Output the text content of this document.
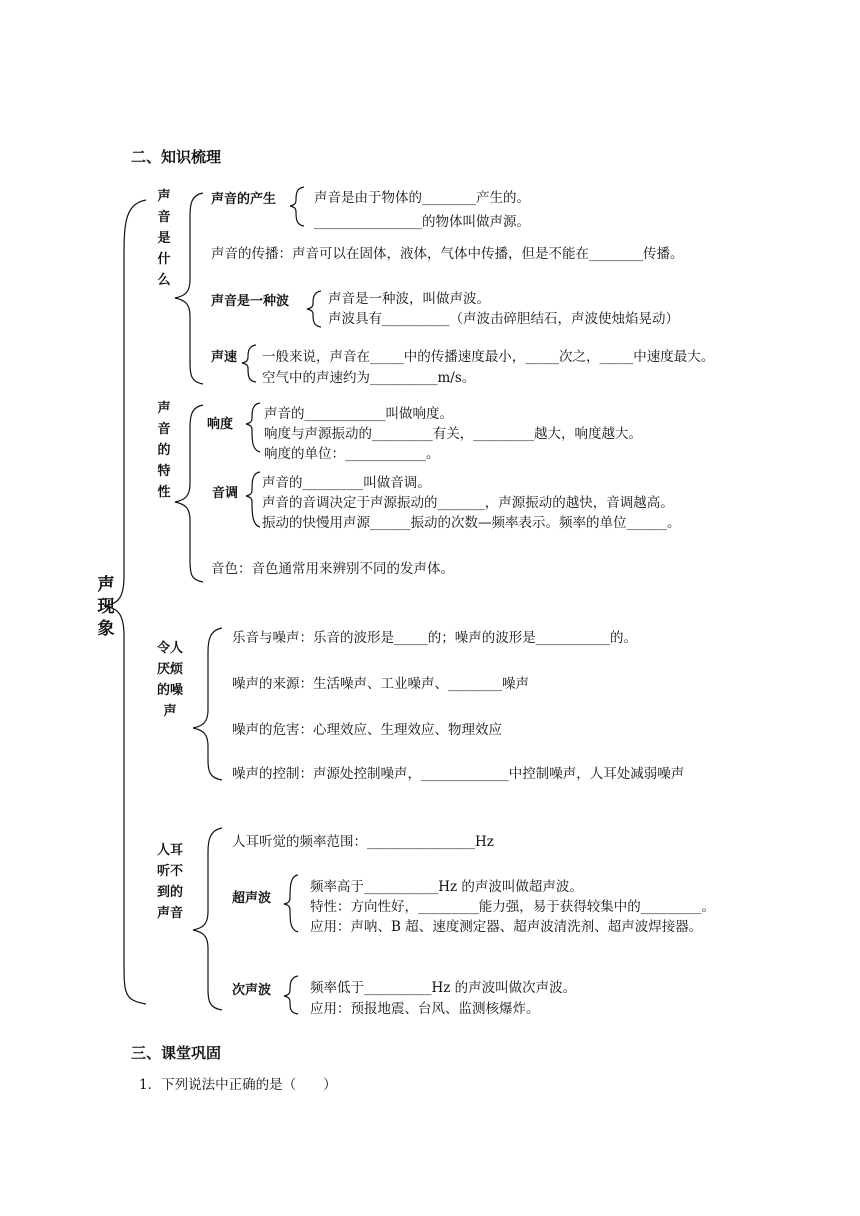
二、知识梳理
声现象
声音是什么
声音的产生	声音是由于物体的________产生的。
________________的物体叫做声源。
声音的传播：声音可以在固体，液体，气体中传播，但是不能在________传播。
声音是一种波	声音是一种波，叫做声波。
声波具有__________（声波击碎胆结石，声波使烛焰晃动）
声速 一般来说，声音在_____中的传播速度最小，_____次之，_____中速度最大。
空气中的声速约为__________m/s。
声音的特性
响度
声音的____________叫做响度。
响度与声源振动的_________有关，_________越大，响度越大。
响度的单位：____________。
音调
声音的_________叫做音调。
声音的音调决定于声源振动的_______，声源振动的越快，音调越高。
振动的快慢用声源______振动的次数—频率表示。频率的单位______。
音色：音色通常用来辨别不同的发声体。
令人厌烦的噪声
乐音与噪声：乐音的波形是_____的；噪声的波形是___________的。
噪声的来源：生活噪声、工业噪声、________噪声
噪声的危害：心理效应、生理效应、物理效应
噪声的控制：声源处控制噪声，_____________中控制噪声，人耳处减弱噪声
人耳听不到的声音
人耳听觉的频率范围：________________Hz
超声波
频率高于___________Hz 的声波叫做超声波。
特性：方向性好，_________能力强，易于获得较集中的_________。
应用：声呐、B 超、速度测定器、超声波清洗剂、超声波焊接器。
次声波	频率低于__________Hz 的声波叫做次声波。
应用：预报地震、台风、监测核爆炸。
三、课堂巩固
1．下列说法中正确的是（　　）
